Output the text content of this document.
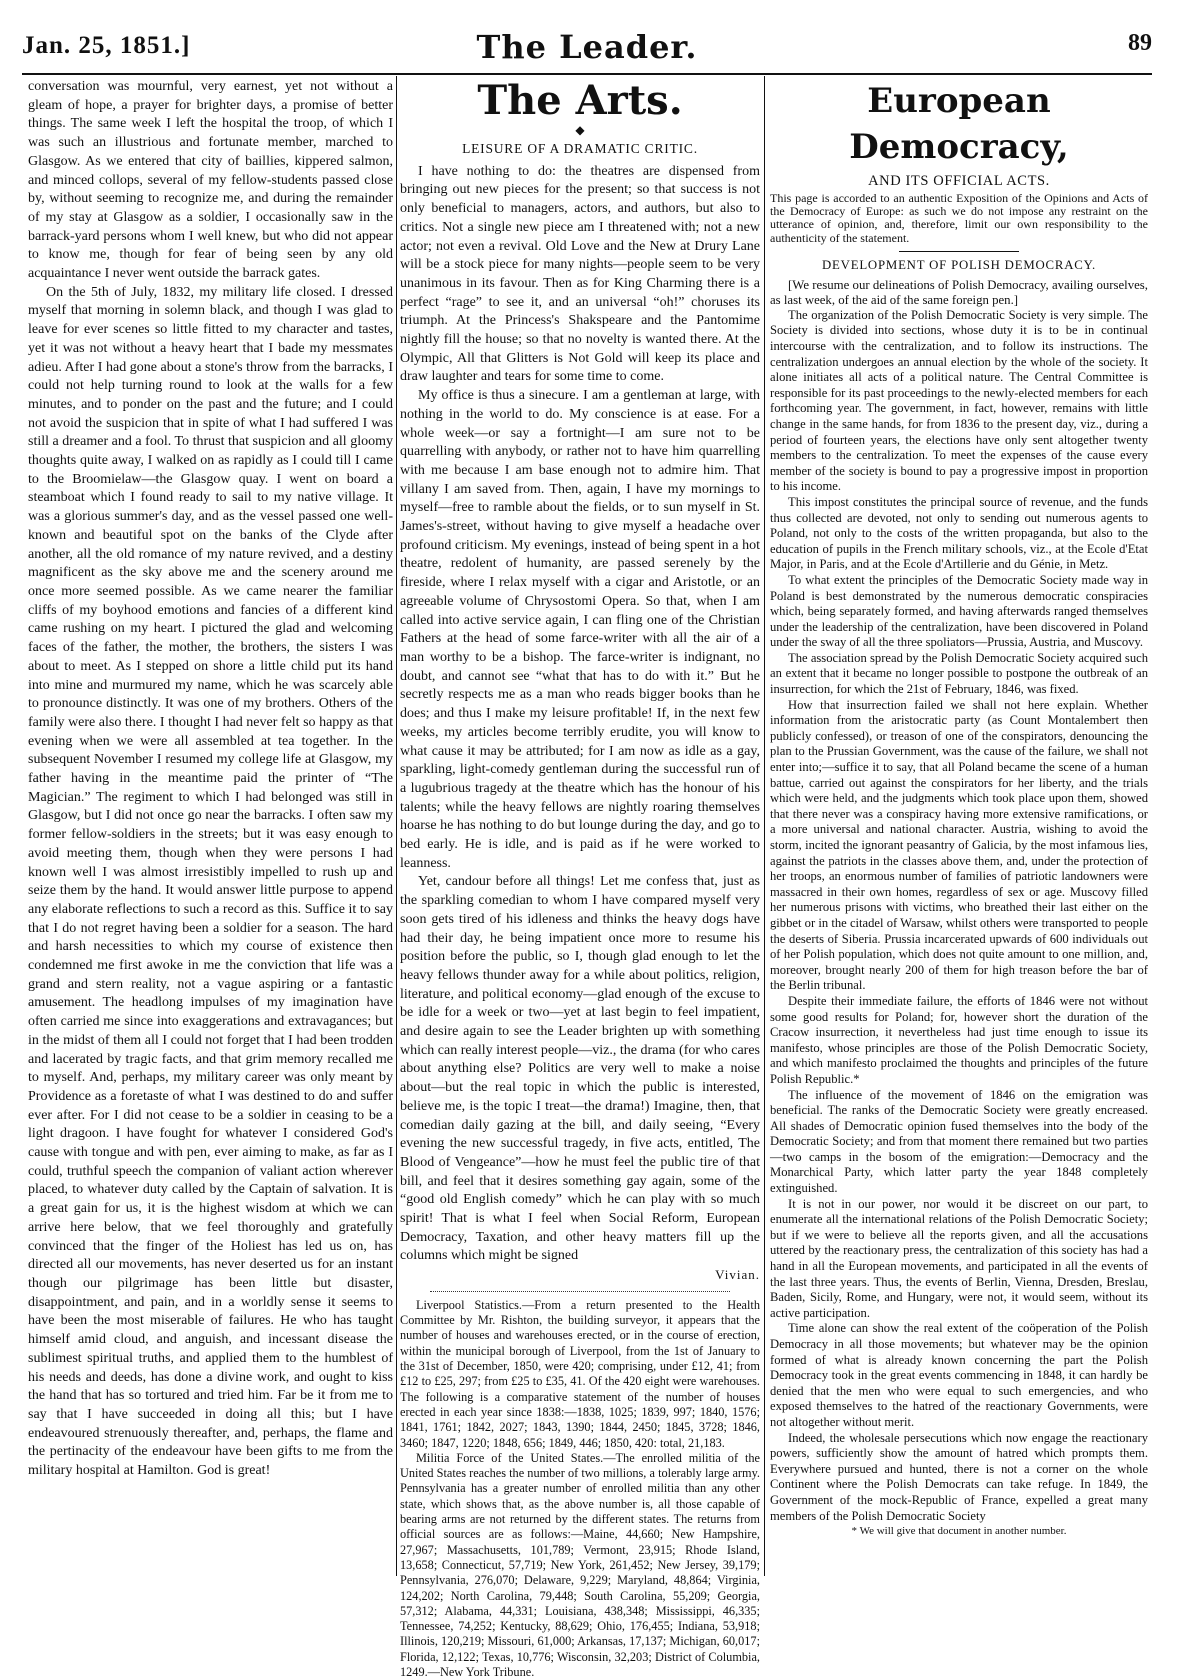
Jan. 25, 1851.]	The Leader.	89

conversation was mournful, very earnest, yet not without a gleam of hope, a prayer for brighter days, a promise of better things. The same week I left the hospital the troop, of which I was such an illustrious and fortunate member, marched to Glasgow. As we entered that city of baillies, kippered salmon, and minced collops, several of my fellow-students passed close by, without seeming to recognize me, and during the remainder of my stay at Glasgow as a soldier, I occasionally saw in the barrack-yard persons whom I well knew, but who did not appear to know me, though for fear of being seen by any old acquaintance I never went outside the barrack gates.

On the 5th of July, 1832, my military life closed. I dressed myself that morning in solemn black, and though I was glad to leave for ever scenes so little fitted to my character and tastes, yet it was not without a heavy heart that I bade my messmates adieu. After I had gone about a stone's throw from the barracks, I could not help turning round to look at the walls for a few minutes, and to ponder on the past and the future; and I could not avoid the suspicion that in spite of what I had suffered I was still a dreamer and a fool. To thrust that suspicion and all gloomy thoughts quite away, I walked on as rapidly as I could till I came to the Broomielaw—the Glasgow quay. I went on board a steamboat which I found ready to sail to my native village. It was a glorious summer's day, and as the vessel passed one well-known and beautiful spot on the banks of the Clyde after another, all the old romance of my nature revived, and a destiny magnificent as the sky above me and the scenery around me once more seemed possible. As we came nearer the familiar cliffs of my boyhood emotions and fancies of a different kind came rushing on my heart. I pictured the glad and welcoming faces of the father, the mother, the brothers, the sisters I was about to meet. As I stepped on shore a little child put its hand into mine and murmured my name, which he was scarcely able to pronounce distinctly. It was one of my brothers. Others of the family were also there. I thought I had never felt so happy as that evening when we were all assembled at tea together. In the subsequent November I resumed my college life at Glasgow, my father having in the meantime paid the printer of “The Magician.” The regiment to which I had belonged was still in Glasgow, but I did not once go near the barracks. I often saw my former fellow-soldiers in the streets; but it was easy enough to avoid meeting them, though when they were persons I had known well I was almost irresistibly impelled to rush up and seize them by the hand. It would answer little purpose to append any elaborate reflections to such a record as this. Suffice it to say that I do not regret having been a soldier for a season. The hard and harsh necessities to which my course of existence then condemned me first awoke in me the conviction that life was a grand and stern reality, not a vague aspiring or a fantastic amusement. The headlong impulses of my imagination have often carried me since into exaggerations and extravagances; but in the midst of them all I could not forget that I had been trodden and lacerated by tragic facts, and that grim memory recalled me to myself. And, perhaps, my military career was only meant by Providence as a foretaste of what I was destined to do and suffer ever after. For I did not cease to be a soldier in ceasing to be a light dragoon. I have fought for whatever I considered God's cause with tongue and with pen, ever aiming to make, as far as I could, truthful speech the companion of valiant action wherever placed, to whatever duty called by the Captain of salvation. It is a great gain for us, it is the highest wisdom at which we can arrive here below, that we feel thoroughly and gratefully convinced that the finger of the Holiest has led us on, has directed all our movements, has never deserted us for an instant though our pilgrimage has been little but disaster, disappointment, and pain, and in a worldly sense it seems to have been the most miserable of failures. He who has taught himself amid cloud, and anguish, and incessant disease the sublimest spiritual truths, and applied them to the humblest of his needs and deeds, has done a divine work, and ought to kiss the hand that has so tortured and tried him. Far be it from me to say that I have succeeded in doing all this; but I have endeavoured strenuously thereafter, and, perhaps, the flame and the pertinacity of the endeavour have been gifts to me from the military hospital at Hamilton. God is great!

The Arts.
◆
LEISURE OF A DRAMATIC CRITIC.

I have nothing to do: the theatres are dispensed from bringing out new pieces for the present; so that success is not only beneficial to managers, actors, and authors, but also to critics. Not a single new piece am I threatened with; not a new actor; not even a revival. Old Love and the New at Drury Lane will be a stock piece for many nights—people seem to be very unanimous in its favour. Then as for King Charming there is a perfect “rage” to see it, and an universal “oh!” choruses its triumph. At the Princess's Shakspeare and the Pantomime nightly fill the house; so that no novelty is wanted there. At the Olympic, All that Glitters is Not Gold will keep its place and draw laughter and tears for some time to come.

My office is thus a sinecure. I am a gentleman at large, with nothing in the world to do. My conscience is at ease. For a whole week—or say a fortnight—I am sure not to be quarrelling with anybody, or rather not to have him quarrelling with me because I am base enough not to admire him. That villany I am saved from. Then, again, I have my mornings to myself—free to ramble about the fields, or to sun myself in St. James's-street, without having to give myself a headache over profound criticism. My evenings, instead of being spent in a hot theatre, redolent of humanity, are passed serenely by the fireside, where I relax myself with a cigar and Aristotle, or an agreeable volume of Chrysostomi Opera. So that, when I am called into active service again, I can fling one of the Christian Fathers at the head of some farce-writer with all the air of a man worthy to be a bishop. The farce-writer is indignant, no doubt, and cannot see “what that has to do with it.” But he secretly respects me as a man who reads bigger books than he does; and thus I make my leisure profitable! If, in the next few weeks, my articles become terribly erudite, you will know to what cause it may be attributed; for I am now as idle as a gay, sparkling, light-comedy gentleman during the successful run of a lugubrious tragedy at the theatre which has the honour of his talents; while the heavy fellows are nightly roaring themselves hoarse he has nothing to do but lounge during the day, and go to bed early. He is idle, and is paid as if he were worked to leanness.

Yet, candour before all things! Let me confess that, just as the sparkling comedian to whom I have compared myself very soon gets tired of his idleness and thinks the heavy dogs have had their day, he being impatient once more to resume his position before the public, so I, though glad enough to let the heavy fellows thunder away for a while about politics, religion, literature, and political economy—glad enough of the excuse to be idle for a week or two—yet at last begin to feel impatient, and desire again to see the Leader brighten up with something which can really interest people—viz., the drama (for who cares about anything else? Politics are very well to make a noise about—but the real topic in which the public is interested, believe me, is the topic I treat—the drama!) Imagine, then, that comedian daily gazing at the bill, and daily seeing, “Every evening the new successful tragedy, in five acts, entitled, The Blood of Vengeance”—how he must feel the public tire of that bill, and feel that it desires something gay again, some of the “good old English comedy” which he can play with so much spirit! That is what I feel when Social Reform, European Democracy, Taxation, and other heavy matters fill up the columns which might be signed

Vivian.

Liverpool Statistics.—From a return presented to the Health Committee by Mr. Rishton, the building surveyor, it appears that the number of houses and warehouses erected, or in the course of erection, within the municipal borough of Liverpool, from the 1st of January to the 31st of December, 1850, were 420; comprising, under £12, 41; from £12 to £25, 297; from £25 to £35, 41. Of the 420 eight were warehouses. The following is a comparative statement of the number of houses erected in each year since 1838:—1838, 1025; 1839, 997; 1840, 1576; 1841, 1761; 1842, 2027; 1843, 1390; 1844, 2450; 1845, 3728; 1846, 3460; 1847, 1220; 1848, 656; 1849, 446; 1850, 420: total, 21,183.

Militia Force of the United States.—The enrolled militia of the United States reaches the number of two millions, a tolerably large army. Pennsylvania has a greater number of enrolled militia than any other state, which shows that, as the above number is, all those capable of bearing arms are not returned by the different states. The returns from official sources are as follows:—Maine, 44,660; New Hampshire, 27,967; Massachusetts, 101,789; Vermont, 23,915; Rhode Island, 13,658; Connecticut, 57,719; New York, 261,452; New Jersey, 39,179; Pennsylvania, 276,070; Delaware, 9,229; Maryland, 48,864; Virginia, 124,202; North Carolina, 79,448; South Carolina, 55,209; Georgia, 57,312; Alabama, 44,331; Louisiana, 438,348; Mississippi, 46,335; Tennessee, 74,252; Kentucky, 88,629; Ohio, 176,455; Indiana, 53,918; Illinois, 120,219; Missouri, 61,000; Arkansas, 17,137; Michigan, 60,017; Florida, 12,122; Texas, 10,776; Wisconsin, 32,203; District of Columbia, 1249.—New York Tribune.

European Democracy,
AND ITS OFFICIAL ACTS.

This page is accorded to an authentic Exposition of the Opinions and Acts of the Democracy of Europe: as such we do not impose any restraint on the utterance of opinion, and, therefore, limit our own responsibility to the authenticity of the statement.

DEVELOPMENT OF POLISH DEMOCRACY.

[We resume our delineations of Polish Democracy, availing ourselves, as last week, of the aid of the same foreign pen.]

The organization of the Polish Democratic Society is very simple. The Society is divided into sections, whose duty it is to be in continual intercourse with the centralization, and to follow its instructions. The centralization undergoes an annual election by the whole of the society. It alone initiates all acts of a political nature. The Central Committee is responsible for its past proceedings to the newly-elected members for each forthcoming year. The government, in fact, however, remains with little change in the same hands, for from 1836 to the present day, viz., during a period of fourteen years, the elections have only sent altogether twenty members to the centralization. To meet the expenses of the cause every member of the society is bound to pay a progressive impost in proportion to his income.

This impost constitutes the principal source of revenue, and the funds thus collected are devoted, not only to sending out numerous agents to Poland, not only to the costs of the written propaganda, but also to the education of pupils in the French military schools, viz., at the Ecole d'Etat Major, in Paris, and at the Ecole d'Artillerie and du Génie, in Metz.

To what extent the principles of the Democratic Society made way in Poland is best demonstrated by the numerous democratic conspiracies which, being separately formed, and having afterwards ranged themselves under the leadership of the centralization, have been discovered in Poland under the sway of all the three spoliators—Prussia, Austria, and Muscovy.

The association spread by the Polish Democratic Society acquired such an extent that it became no longer possible to postpone the outbreak of an insurrection, for which the 21st of February, 1846, was fixed.

How that insurrection failed we shall not here explain. Whether information from the aristocratic party (as Count Montalembert then publicly confessed), or treason of one of the conspirators, denouncing the plan to the Prussian Government, was the cause of the failure, we shall not enter into;—suffice it to say, that all Poland became the scene of a human battue, carried out against the conspirators for her liberty, and the trials which were held, and the judgments which took place upon them, showed that there never was a conspiracy having more extensive ramifications, or a more universal and national character. Austria, wishing to avoid the storm, incited the ignorant peasantry of Galicia, by the most infamous lies, against the patriots in the classes above them, and, under the protection of her troops, an enormous number of families of patriotic landowners were massacred in their own homes, regardless of sex or age. Muscovy filled her numerous prisons with victims, who breathed their last either on the gibbet or in the citadel of Warsaw, whilst others were transported to people the deserts of Siberia. Prussia incarcerated upwards of 600 individuals out of her Polish population, which does not quite amount to one million, and, moreover, brought nearly 200 of them for high treason before the bar of the Berlin tribunal.

Despite their immediate failure, the efforts of 1846 were not without some good results for Poland; for, however short the duration of the Cracow insurrection, it nevertheless had just time enough to issue its manifesto, whose principles are those of the Polish Democratic Society, and which manifesto proclaimed the thoughts and principles of the future Polish Republic.*

The influence of the movement of 1846 on the emigration was beneficial. The ranks of the Democratic Society were greatly encreased. All shades of Democratic opinion fused themselves into the body of the Democratic Society; and from that moment there remained but two parties—two camps in the bosom of the emigration:—Democracy and the Monarchical Party, which latter party the year 1848 completely extinguished.

It is not in our power, nor would it be discreet on our part, to enumerate all the international relations of the Polish Democratic Society; but if we were to believe all the reports given, and all the accusations uttered by the reactionary press, the centralization of this society has had a hand in all the European movements, and participated in all the events of the last three years. Thus, the events of Berlin, Vienna, Dresden, Breslau, Baden, Sicily, Rome, and Hungary, were not, it would seem, without its active participation.

Time alone can show the real extent of the coöperation of the Polish Democracy in all those movements; but whatever may be the opinion formed of what is already known concerning the part the Polish Democracy took in the great events commencing in 1848, it can hardly be denied that the men who were equal to such emergencies, and who exposed themselves to the hatred of the reactionary Governments, were not altogether without merit.

Indeed, the wholesale persecutions which now engage the reactionary powers, sufficiently show the amount of hatred which prompts them. Everywhere pursued and hunted, there is not a corner on the whole Continent where the Polish Democrats can take refuge. In 1849, the Government of the mock-Republic of France, expelled a great many members of the Polish Democratic Society

* We will give that document in another number.
